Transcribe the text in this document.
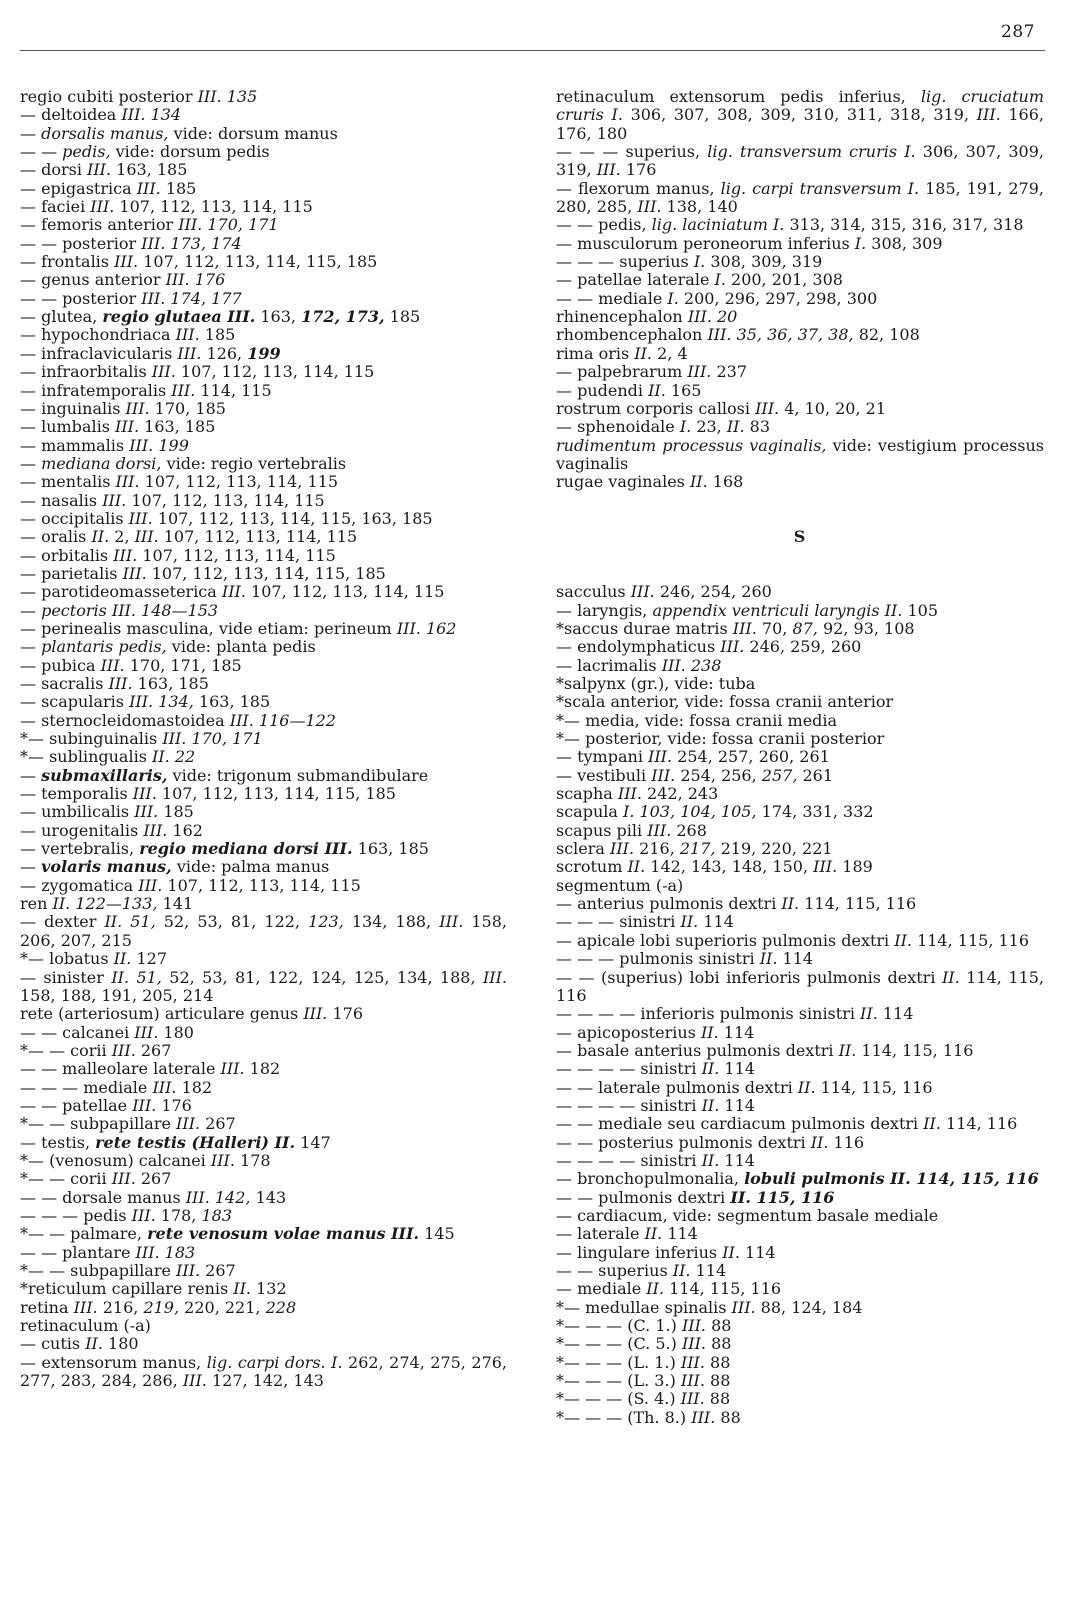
287
regio cubiti posterior III. 135
— deltoidea III. 134
— dorsalis manus, vide: dorsum manus
— — pedis, vide: dorsum pedis
— dorsi III. 163, 185
— epigastrica III. 185
— faciei III. 107, 112, 113, 114, 115
— femoris anterior III. 170, 171
— — posterior III. 173, 174
— frontalis III. 107, 112, 113, 114, 115, 185
— genus anterior III. 176
— — posterior III. 174, 177
— glutea, regio glutaea III. 163, 172, 173, 185
— hypochondriaca III. 185
— infraclavicularis III. 126, 199
— infraorbitalis III. 107, 112, 113, 114, 115
— infratemporalis III. 114, 115
— inguinalis III. 170, 185
— lumbalis III. 163, 185
— mammalis III. 199
— mediana dorsi, vide: regio vertebralis
— mentalis III. 107, 112, 113, 114, 115
— nasalis III. 107, 112, 113, 114, 115
— occipitalis III. 107, 112, 113, 114, 115, 163, 185
— oralis II. 2, III. 107, 112, 113, 114, 115
— orbitalis III. 107, 112, 113, 114, 115
— parietalis III. 107, 112, 113, 114, 115, 185
— parotideomasseterica III. 107, 112, 113, 114, 115
— pectoris III. 148—153
— perinealis masculina, vide etiam: perineum III. 162
— plantaris pedis, vide: planta pedis
— pubica III. 170, 171, 185
— sacralis III. 163, 185
— scapularis III. 134, 163, 185
— sternocleidomastoidea III. 116—122
*— subinguinalis III. 170, 171
*— sublingualis II. 22
— submaxillaris, vide: trigonum submandibulare
— temporalis III. 107, 112, 113, 114, 115, 185
— umbilicalis III. 185
— urogenitalis III. 162
— vertebralis, regio mediana dorsi III. 163, 185
— volaris manus, vide: palma manus
— zygomatica III. 107, 112, 113, 114, 115
ren II. 122—133, 141
— dexter II. 51, 52, 53, 81, 122, 123, 134, 188, III. 158, 206, 207, 215
*— lobatus II. 127
— sinister II. 51, 52, 53, 81, 122, 124, 125, 134, 188, III. 158, 188, 191, 205, 214
rete (arteriosum) articulare genus III. 176
— — calcanei III. 180
*— — corii III. 267
— — malleolare laterale III. 182
— — — mediale III. 182
— — patellae III. 176
*— — subpapillare III. 267
— testis, rete testis (Halleri) II. 147
*— (venosum) calcanei III. 178
*— — corii III. 267
— — dorsale manus III. 142, 143
— — — pedis III. 178, 183
*— — palmare, rete venosum volae manus III. 145
— — plantare III. 183
*— — subpapillare III. 267
*reticulum capillare renis II. 132
retina III. 216, 219, 220, 221, 228
retinaculum (-a)
— cutis II. 180
— extensorum manus, lig. carpi dors. I. 262, 274, 275, 276, 277, 283, 284, 286, III. 127, 142, 143
retinaculum extensorum pedis inferius, lig. cruciatum cruris I. 306, 307, 308, 309, 310, 311, 318, 319, III. 166, 176, 180
— — — superius, lig. transversum cruris I. 306, 307, 309, 319, III. 176
— flexorum manus, lig. carpi transversum I. 185, 191, 279, 280, 285, III. 138, 140
— — pedis, lig. laciniatum I. 313, 314, 315, 316, 317, 318
— musculorum peroneorum inferius I. 308, 309
— — — superius I. 308, 309, 319
— patellae laterale I. 200, 201, 308
— — mediale I. 200, 296, 297, 298, 300
rhinencephalon III. 20
rhombencephalon III. 35, 36, 37, 38, 82, 108
rima oris II. 2, 4
— palpebrarum III. 237
— pudendi II. 165
rostrum corporis callosi III. 4, 10, 20, 21
— sphenoidale I. 23, II. 83
rudimentum processus vaginalis, vide: vestigium processus vaginalis
rugae vaginales II. 168
S
sacculus III. 246, 254, 260
— laryngis, appendix ventriculi laryngis II. 105
*saccus durae matris III. 70, 87, 92, 93, 108
— endolymphaticus III. 246, 259, 260
— lacrimalis III. 238
*salpynx (gr.), vide: tuba
*scala anterior, vide: fossa cranii anterior
*— media, vide: fossa cranii media
*— posterior, vide: fossa cranii posterior
— tympani III. 254, 257, 260, 261
— vestibuli III. 254, 256, 257, 261
scapha III. 242, 243
scapula I. 103, 104, 105, 174, 331, 332
scapus pili III. 268
sclera III. 216, 217, 219, 220, 221
scrotum II. 142, 143, 148, 150, III. 189
segmentum (-a)
— anterius pulmonis dextri II. 114, 115, 116
— — — sinistri II. 114
— apicale lobi superioris pulmonis dextri II. 114, 115, 116
— — — pulmonis sinistri II. 114
— — (superius) lobi inferioris pulmonis dextri II. 114, 115, 116
— — — — inferioris pulmonis sinistri II. 114
— apicoposterius II. 114
— basale anterius pulmonis dextri II. 114, 115, 116
— — — — sinistri II. 114
— — laterale pulmonis dextri II. 114, 115, 116
— — — — sinistri II. 114
— — mediale seu cardiacum pulmonis dextri II. 114, 116
— — posterius pulmonis dextri II. 116
— — — — sinistri II. 114
— bronchopulmonalia, lobuli pulmonis II. 114, 115, 116
— — pulmonis dextri II. 115, 116
— cardiacum, vide: segmentum basale mediale
— laterale II. 114
— lingulare inferius II. 114
— — superius II. 114
— mediale II. 114, 115, 116
*— medullae spinalis III. 88, 124, 184
*— — — (C. 1.) III. 88
*— — — (C. 5.) III. 88
*— — — (L. 1.) III. 88
*— — — (L. 3.) III. 88
*— — — (S. 4.) III. 88
*— — — (Th. 8.) III. 88
